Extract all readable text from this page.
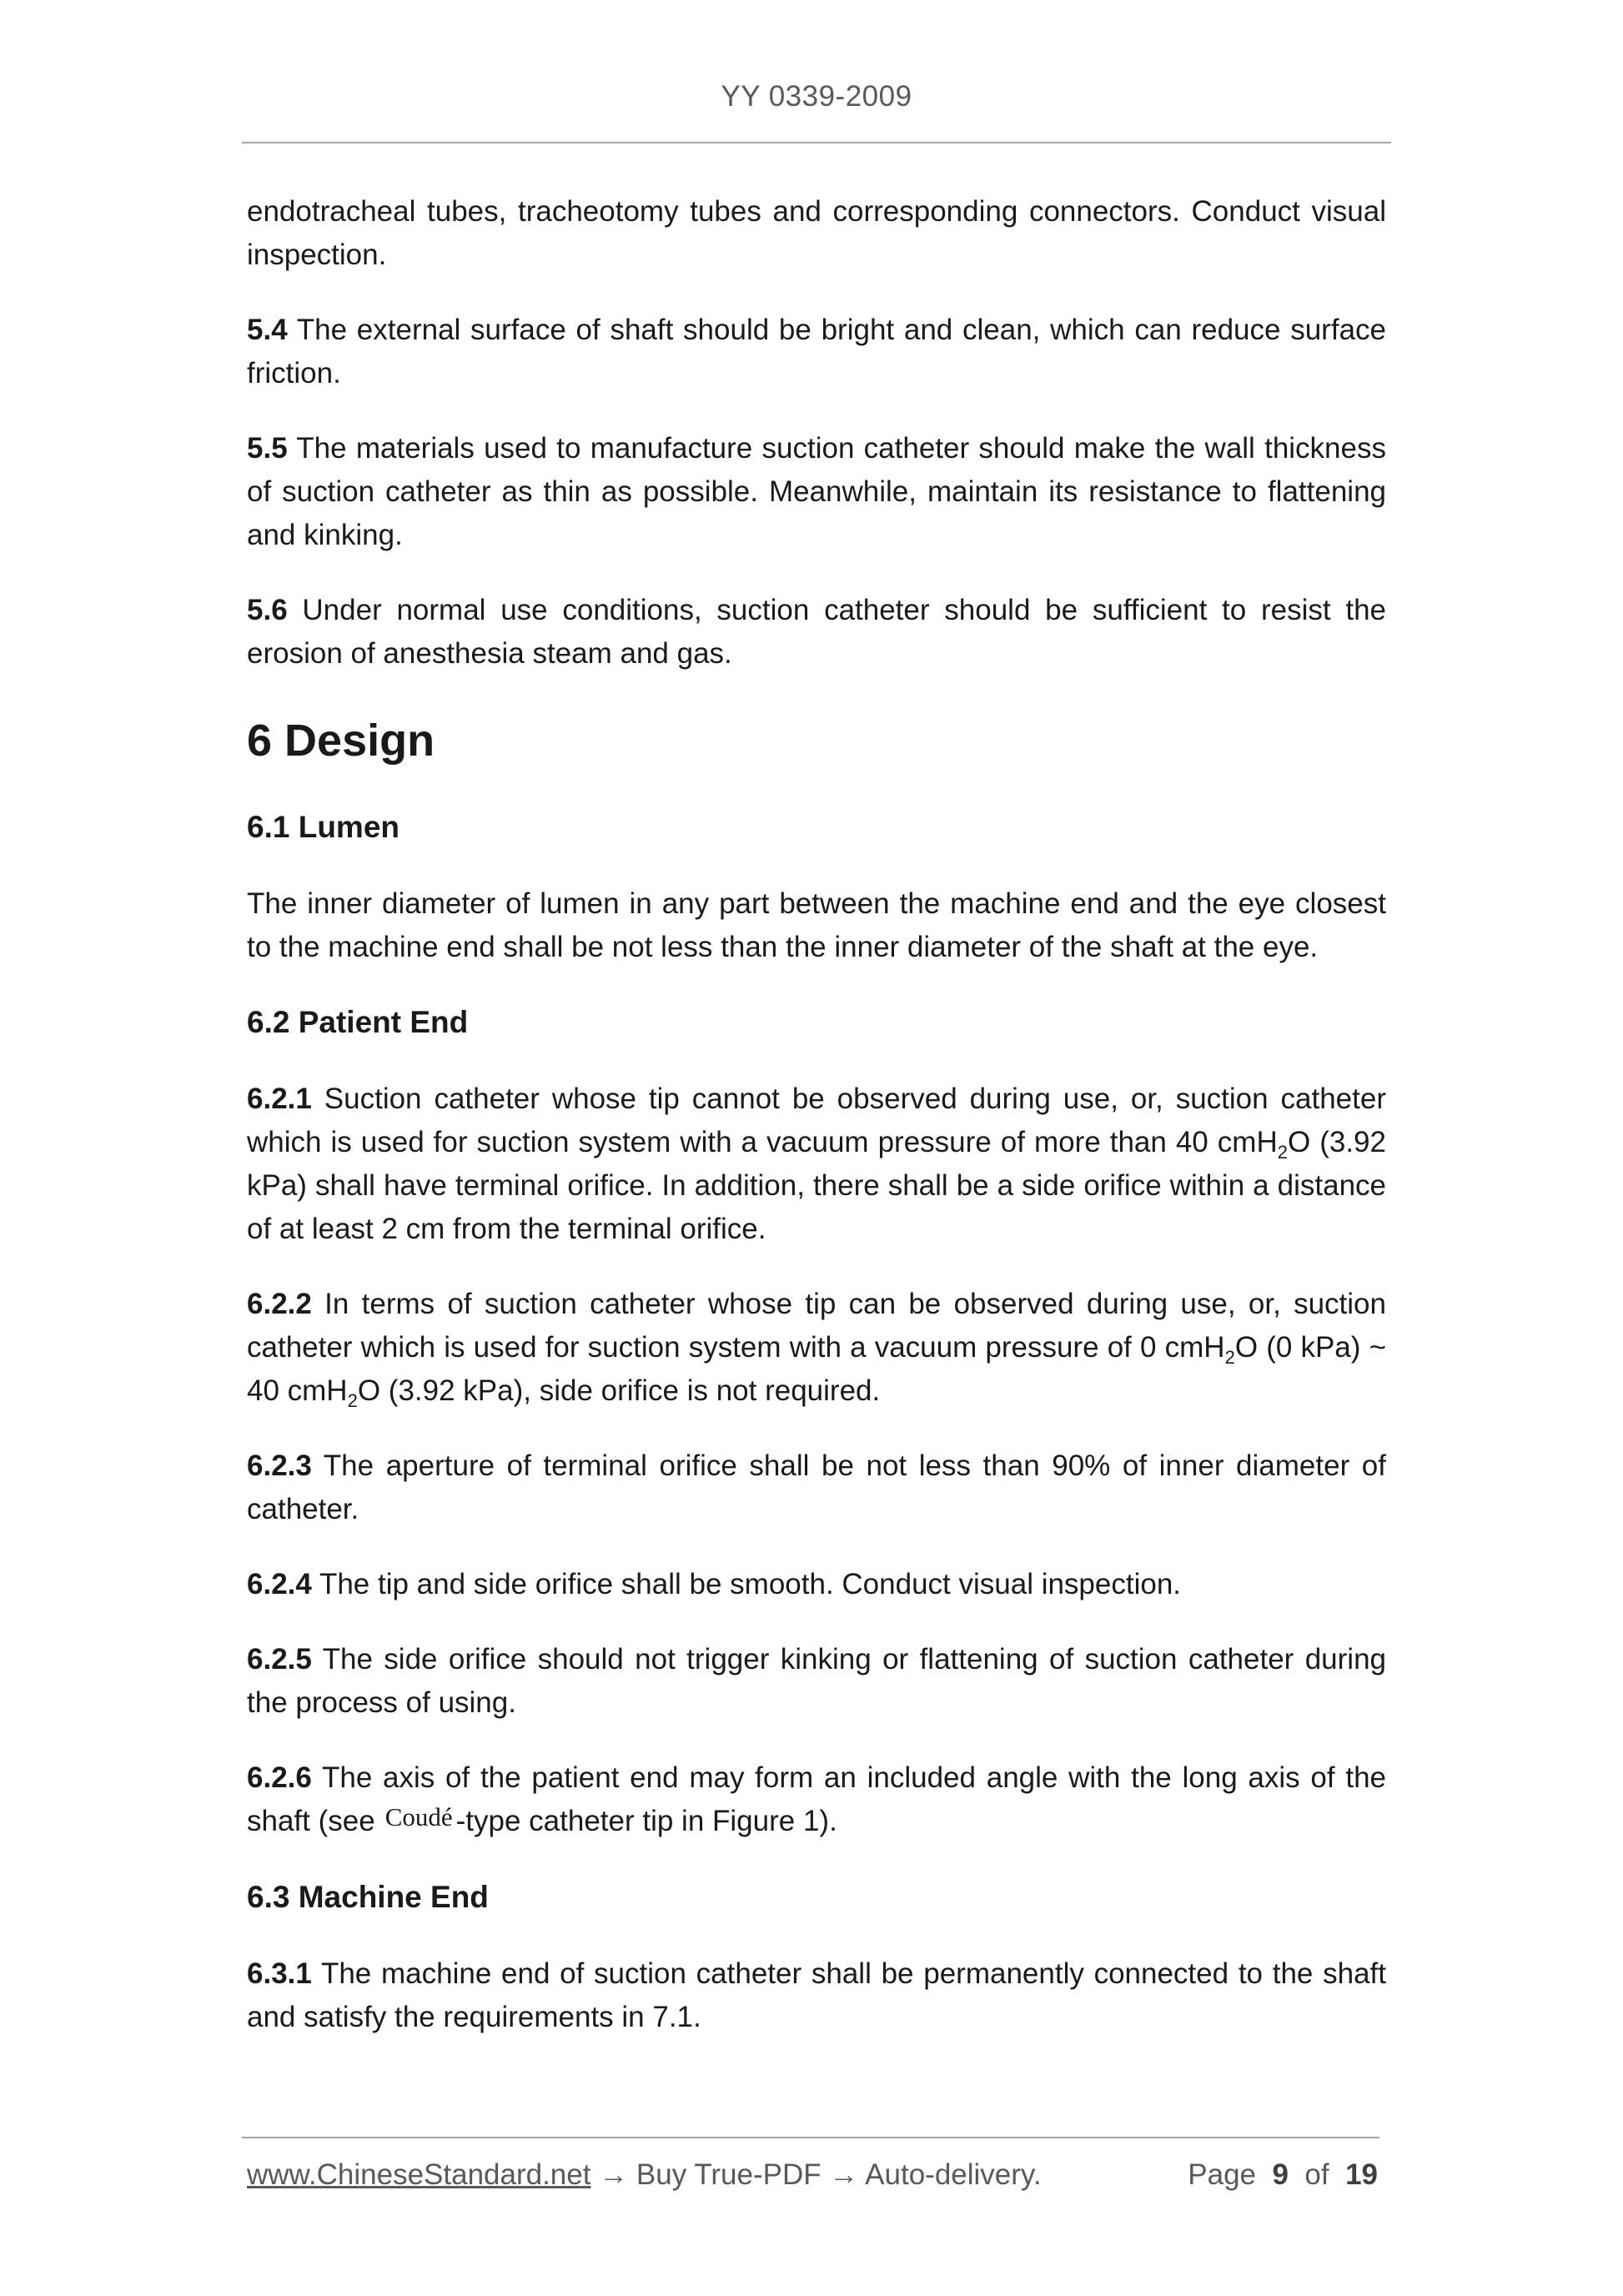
YY 0339-2009

endotracheal tubes, tracheotomy tubes and corresponding connectors. Conduct visual inspection.

5.4 The external surface of shaft should be bright and clean, which can reduce surface friction.

5.5 The materials used to manufacture suction catheter should make the wall thickness of suction catheter as thin as possible. Meanwhile, maintain its resistance to flattening and kinking.

5.6 Under normal use conditions, suction catheter should be sufficient to resist the erosion of anesthesia steam and gas.

6 Design
6.1 Lumen

The inner diameter of lumen in any part between the machine end and the eye closest to the machine end shall be not less than the inner diameter of the shaft at the eye.

6.2 Patient End

6.2.1 Suction catheter whose tip cannot be observed during use, or, suction catheter which is used for suction system with a vacuum pressure of more than 40 cmH$_2$O (3.92 kPa) shall have terminal orifice. In addition, there shall be a side orifice within a distance of at least 2 cm from the terminal orifice.

6.2.2 In terms of suction catheter whose tip can be observed during use, or, suction catheter which is used for suction system with a vacuum pressure of 0 cmH$_2$O (0 kPa) ~ 40 cmH$_2$O (3.92 kPa), side orifice is not required.

6.2.3 The aperture of terminal orifice shall be not less than 90% of inner diameter of catheter.

6.2.4 The tip and side orifice shall be smooth. Conduct visual inspection.

6.2.5 The side orifice should not trigger kinking or flattening of suction catheter during the process of using.

6.2.6 The axis of the patient end may form an included angle with the long axis of the shaft (see Coudé -type catheter tip in Figure 1).

6.3 Machine End

6.3.1 The machine end of suction catheter shall be permanently connected to the shaft and satisfy the requirements in 7.1.

www.ChineseStandard.net → Buy True-PDF → Auto-delivery.	Page 9 of 19
